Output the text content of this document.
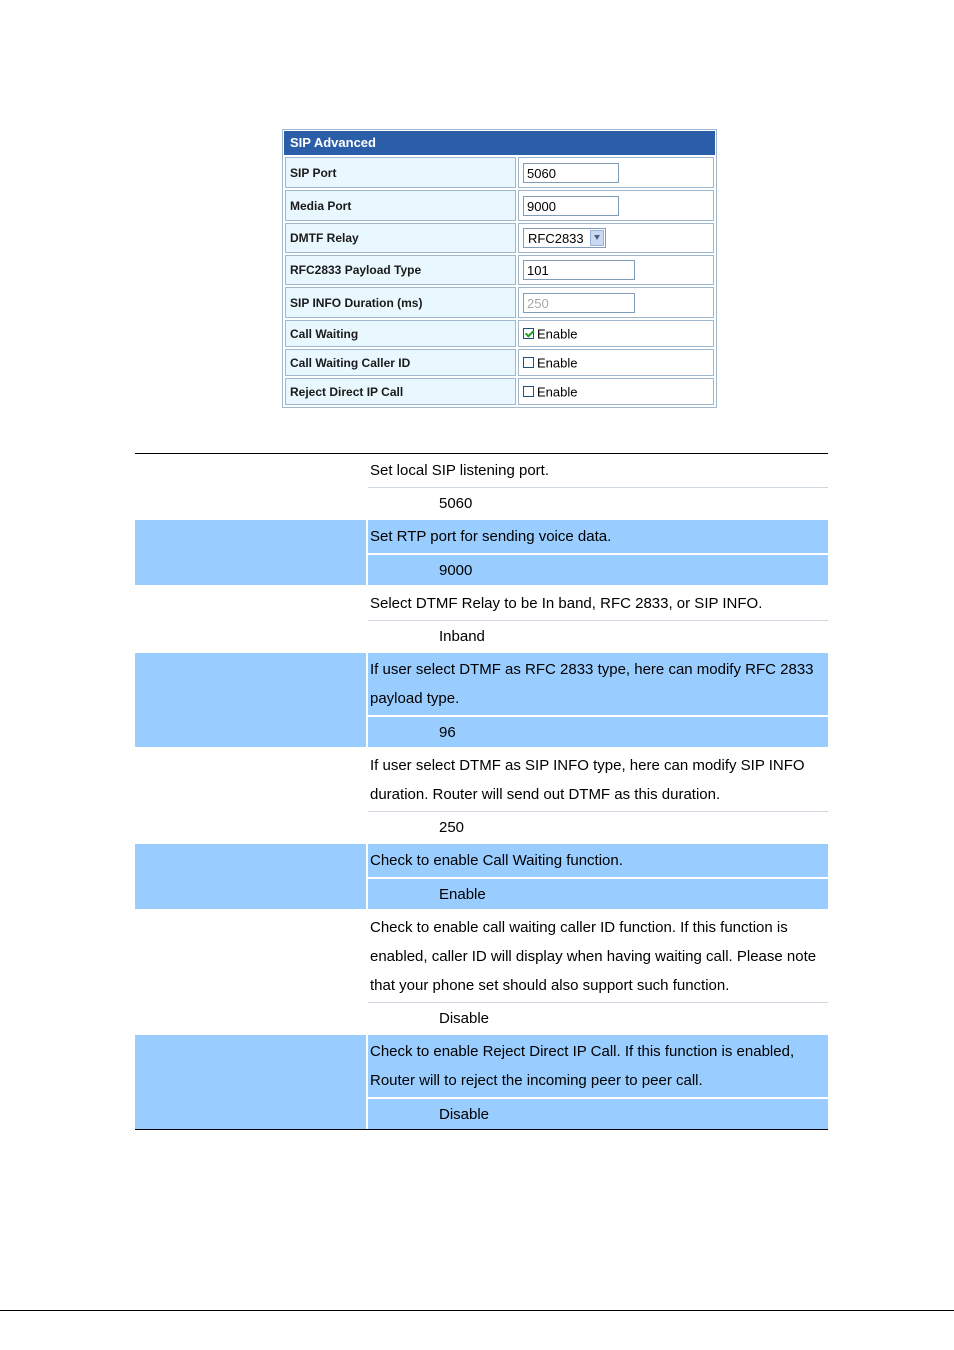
SIP Advanced
SIP Port	5060
Media Port	9000
DMTF Relay	RFC2833

RFC2833 Payload Type	101
SIP INFO Duration (ms)	250
Call Waiting	Enable
Call Waiting Caller ID	Enable
Reject Direct IP Call	Enable
Set local SIP listening port.
5060
Set RTP port for sending voice data.
9000
Select DTMF Relay to be In band, RFC 2833, or SIP INFO.
Inband
If user select DTMF as RFC 2833 type, here can modify RFC 2833 payload type.
96
If user select DTMF as SIP INFO type, here can modify SIP INFO duration. Router will send out DTMF as this duration.
250
Check to enable Call Waiting function.
Enable
Check to enable call waiting caller ID function. If this function is enabled, caller ID will display when having waiting call. Please note that your phone set should also support such function.
Disable
Check to enable Reject Direct IP Call. If this function is enabled, Router will to reject the incoming peer to peer call.
Disable
